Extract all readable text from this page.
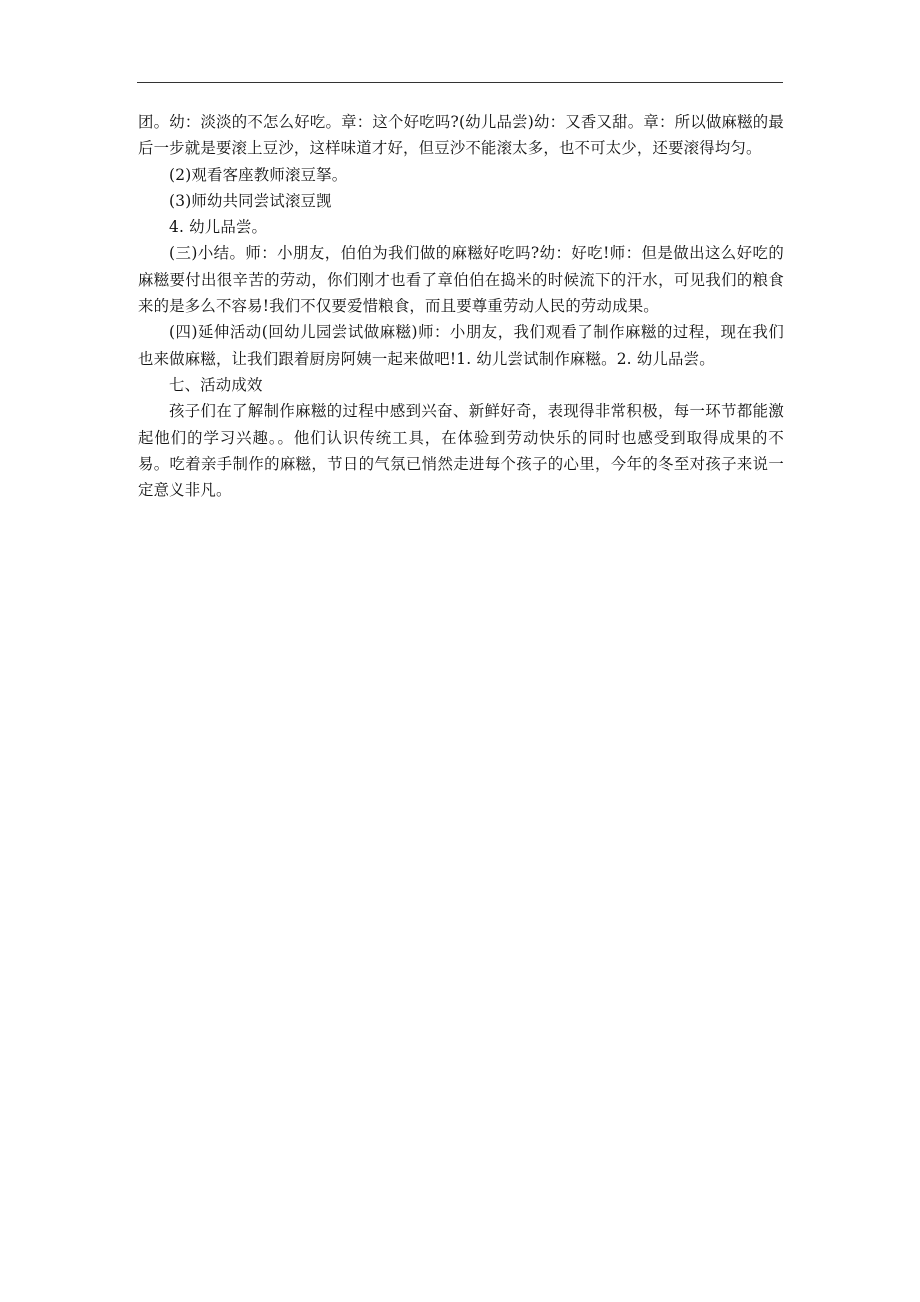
团。幼：淡淡的不怎么好吃。章：这个好吃吗?(幼儿品尝)幼：又香又甜。章：所以做麻糍的最后一步就是要滚上豆沙，这样味道才好，但豆沙不能滚太多，也不可太少，还要滚得均匀。

(2)观看客座教师滚豆拏。

(3)师幼共同尝试滚豆觊

4. 幼儿品尝。

(三)小结。师：小朋友，伯伯为我们做的麻糍好吃吗?幼：好吃!师：但是做出这么好吃的麻糍要付出很辛苦的劳动，你们刚才也看了章伯伯在捣米的时候流下的汗水，可见我们的粮食来的是多么不容易!我们不仅要爱惜粮食，而且要尊重劳动人民的劳动成果。

(四)延伸活动(回幼儿园尝试做麻糍)师：小朋友，我们观看了制作麻糍的过程，现在我们也来做麻糍，让我们跟着厨房阿姨一起来做吧!1. 幼儿尝试制作麻糍。2. 幼儿品尝。

七、活动成效

孩子们在了解制作麻糍的过程中感到兴奋、新鲜好奇，表现得非常积极，每一环节都能激起他们的学习兴趣。。他们认识传统工具，在体验到劳动快乐的同时也感受到取得成果的不易。吃着亲手制作的麻糍，节日的气氛已悄然走进每个孩子的心里，今年的冬至对孩子来说一定意义非凡。
